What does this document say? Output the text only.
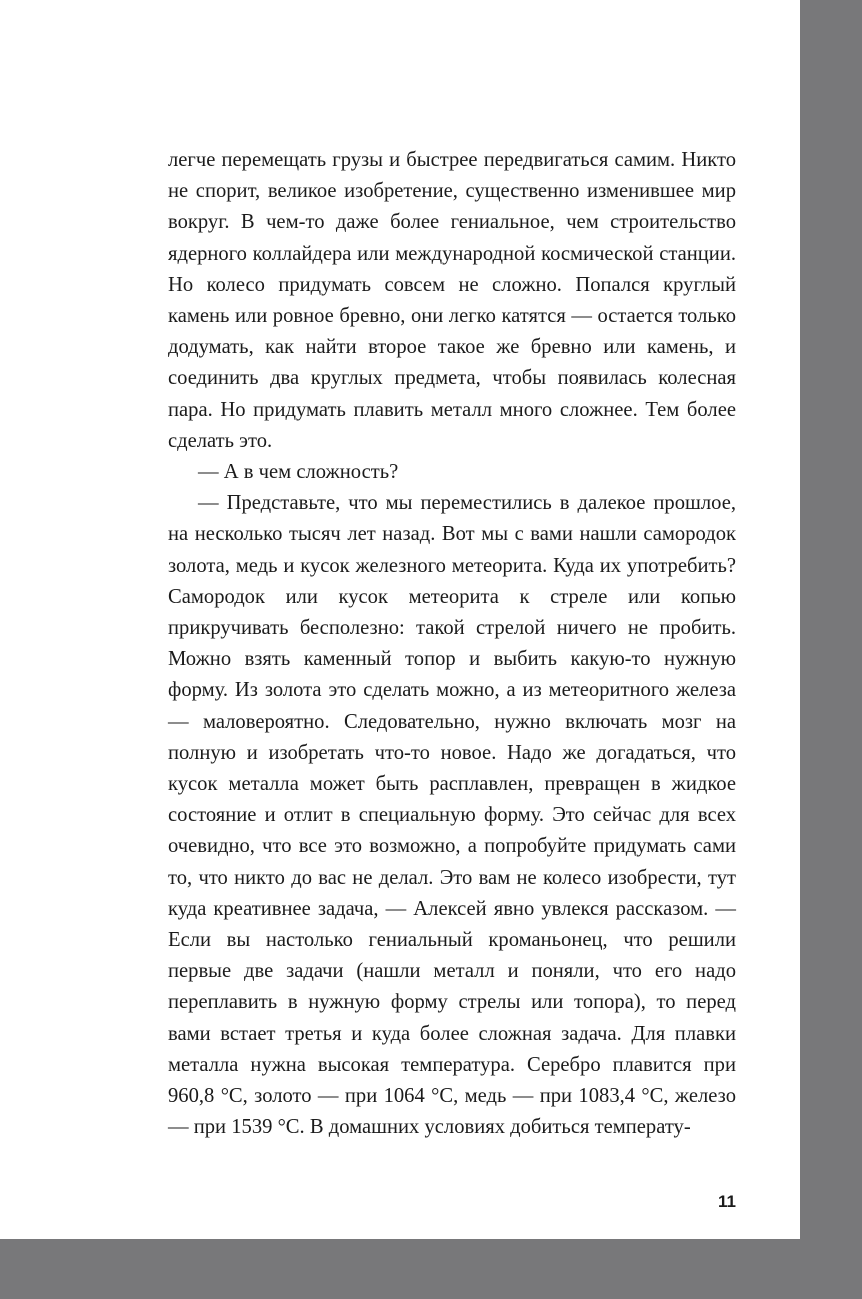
легче перемещать грузы и быстрее передвигаться самим. Никто не спорит, великое изобретение, существенно изменившее мир вокруг. В чем-то даже более гениальное, чем строительство ядерного коллайдера или международной космической станции. Но колесо придумать совсем не сложно. Попался круглый камень или ровное бревно, они легко катятся — остается только додумать, как найти второе такое же бревно или камень, и соединить два круглых предмета, чтобы появилась колесная пара. Но придумать плавить металл много сложнее. Тем более сделать это.

— А в чем сложность?

— Представьте, что мы переместились в далекое прошлое, на несколько тысяч лет назад. Вот мы с вами нашли самородок золота, медь и кусок железного метеорита. Куда их употребить? Самородок или кусок метеорита к стреле или копью прикручивать бесполезно: такой стрелой ничего не пробить. Можно взять каменный топор и выбить какую-то нужную форму. Из золота это сделать можно, а из метеоритного железа — маловероятно. Следовательно, нужно включать мозг на полную и изобретать что-то новое. Надо же догадаться, что кусок металла может быть расплавлен, превращен в жидкое состояние и отлит в специальную форму. Это сейчас для всех очевидно, что все это возможно, а попробуйте придумать сами то, что никто до вас не делал. Это вам не колесо изобрести, тут куда креативнее задача, — Алексей явно увлекся рассказом. — Если вы настолько гениальный кроманьонец, что решили первые две задачи (нашли металл и поняли, что его надо переплавить в нужную форму стрелы или топора), то перед вами встает третья и куда более сложная задача. Для плавки металла нужна высокая температура. Серебро плавится при 960,8 °С, золото — при 1064 °С, медь — при 1083,4 °С, железо — при 1539 °С. В домашних условиях добиться температу-

11
